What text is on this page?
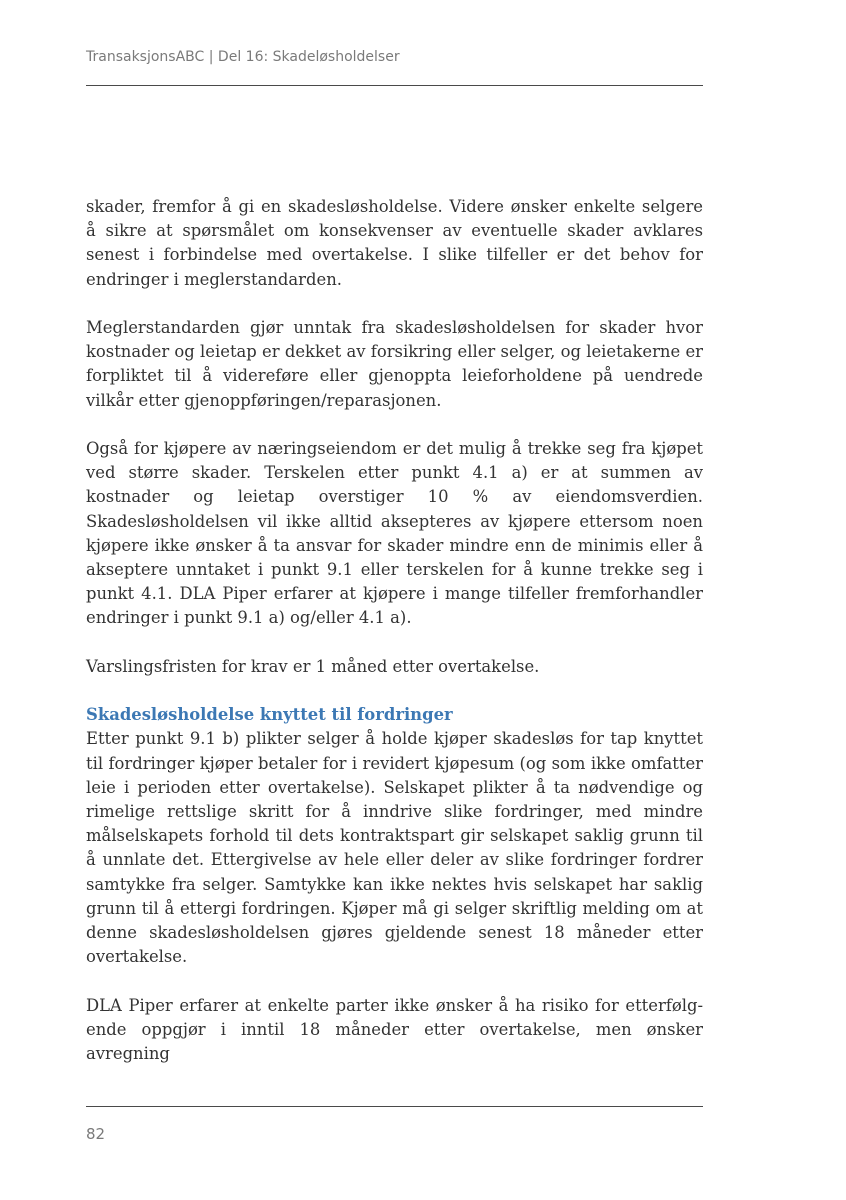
TransaksjonsABC | Del 16: Skadeløsholdelser

skader, fremfor å gi en skadesløsholdelse. Videre ønsker enkelte selgere å sikre at spørsmålet om konsekvenser av eventuelle skader avklares senest i forbindelse med overtakelse. I slike tilfeller er det behov for endringer i meglerstandarden.

Meglerstandarden gjør unntak fra skadesløsholdelsen for skader hvor kostnader og leietap er dekket av forsikring eller selger, og leietakerne er forpliktet til å videreføre eller gjenoppta leieforholdene på uendrede vilkår etter gjenoppføringen/reparasjonen.

Også for kjøpere av næringseiendom er det mulig å trekke seg fra kjøpet ved større skader. Terskelen etter punkt 4.1 a) er at summen av kostnader og leietap overstiger 10 % av eiendomsverdien. Skadesløsholdelsen vil ikke alltid aksepteres av kjøpere ettersom noen kjøpere ikke ønsker å ta ansvar for skader mindre enn de minimis eller å akseptere unntaket i punkt 9.1 eller terskelen for å kunne trekke seg i punkt 4.1. DLA Piper erfarer at kjøpere i mange tilfeller fremforhandler endringer i punkt 9.1 a) og/eller 4.1 a).

Varslingsfristen for krav er 1 måned etter overtakelse.

Skadesløsholdelse knyttet til fordringer

Etter punkt 9.1 b) plikter selger å holde kjøper skadesløs for tap knyttet til fordringer kjøper betaler for i revidert kjøpesum (og som ikke omfatter leie i perioden etter overtakelse). Selskapet plikter å ta nødvendige og rimelige rettslige skritt for å inndrive slike fordringer, med mindre målselskapets forhold til dets kontraktspart gir selskapet saklig grunn til å unnlate det. Ettergivelse av hele eller deler av slike fordringer fordrer samtykke fra selger. Samtykke kan ikke nektes hvis selskapet har saklig grunn til å ettergi fordringen. Kjøper må gi selger skriftlig melding om at denne skadesløsholdelsen gjøres gjeldende senest 18 måneder etter overtakelse.

DLA Piper erfarer at enkelte parter ikke ønsker å ha risiko for etterfølgende oppgjør i inntil 18 måneder etter overtakelse, men ønsker avregning

82
